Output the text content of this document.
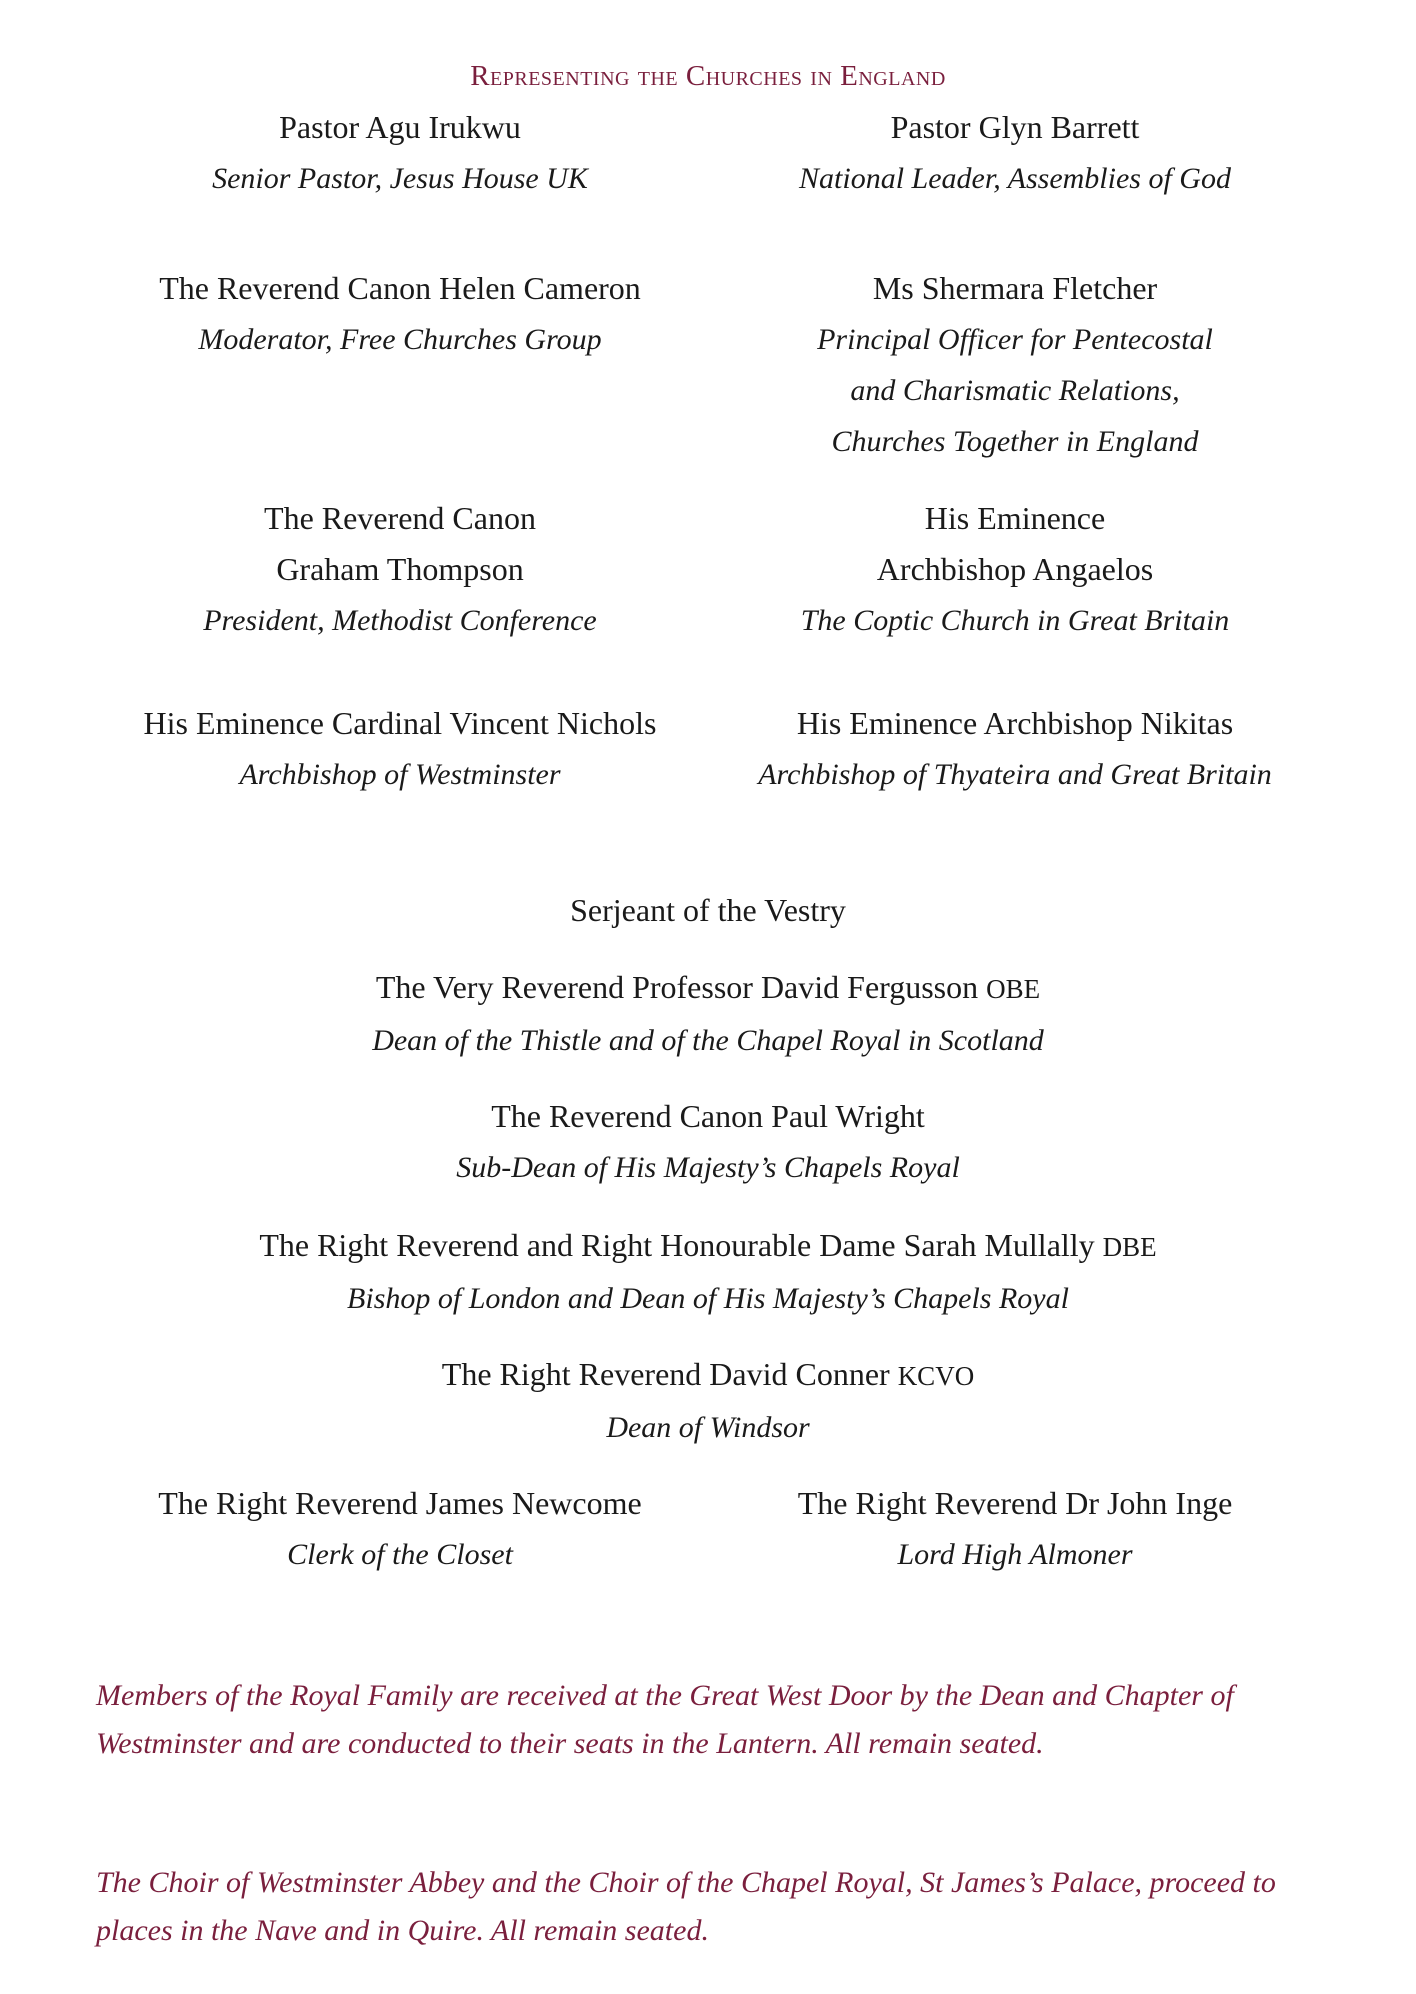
Representing the Churches in England
Pastor Agu Irukwu
Senior Pastor, Jesus House UK
Pastor Glyn Barrett
National Leader, Assemblies of God
The Reverend Canon Helen Cameron
Moderator, Free Churches Group
Ms Shermara Fletcher
Principal Officer for Pentecostal
and Charismatic Relations,
Churches Together in England
The Reverend Canon
Graham Thompson
President, Methodist Conference
His Eminence
Archbishop Angaelos
The Coptic Church in Great Britain
His Eminence Cardinal Vincent Nichols
Archbishop of Westminster
His Eminence Archbishop Nikitas
Archbishop of Thyateira and Great Britain
Serjeant of the Vestry
The Very Reverend Professor David Fergusson OBE
Dean of the Thistle and of the Chapel Royal in Scotland
The Reverend Canon Paul Wright
Sub-Dean of His Majesty’s Chapels Royal
The Right Reverend and Right Honourable Dame Sarah Mullally DBE
Bishop of London and Dean of His Majesty’s Chapels Royal
The Right Reverend David Conner KCVO
Dean of Windsor
The Right Reverend James Newcome
Clerk of the Closet
The Right Reverend Dr John Inge
Lord High Almoner
Members of the Royal Family are received at the Great West Door by the Dean and Chapter of
Westminster and are conducted to their seats in the Lantern. All remain seated.
The Choir of Westminster Abbey and the Choir of the Chapel Royal, St James’s Palace, proceed to
places in the Nave and in Quire. All remain seated.
